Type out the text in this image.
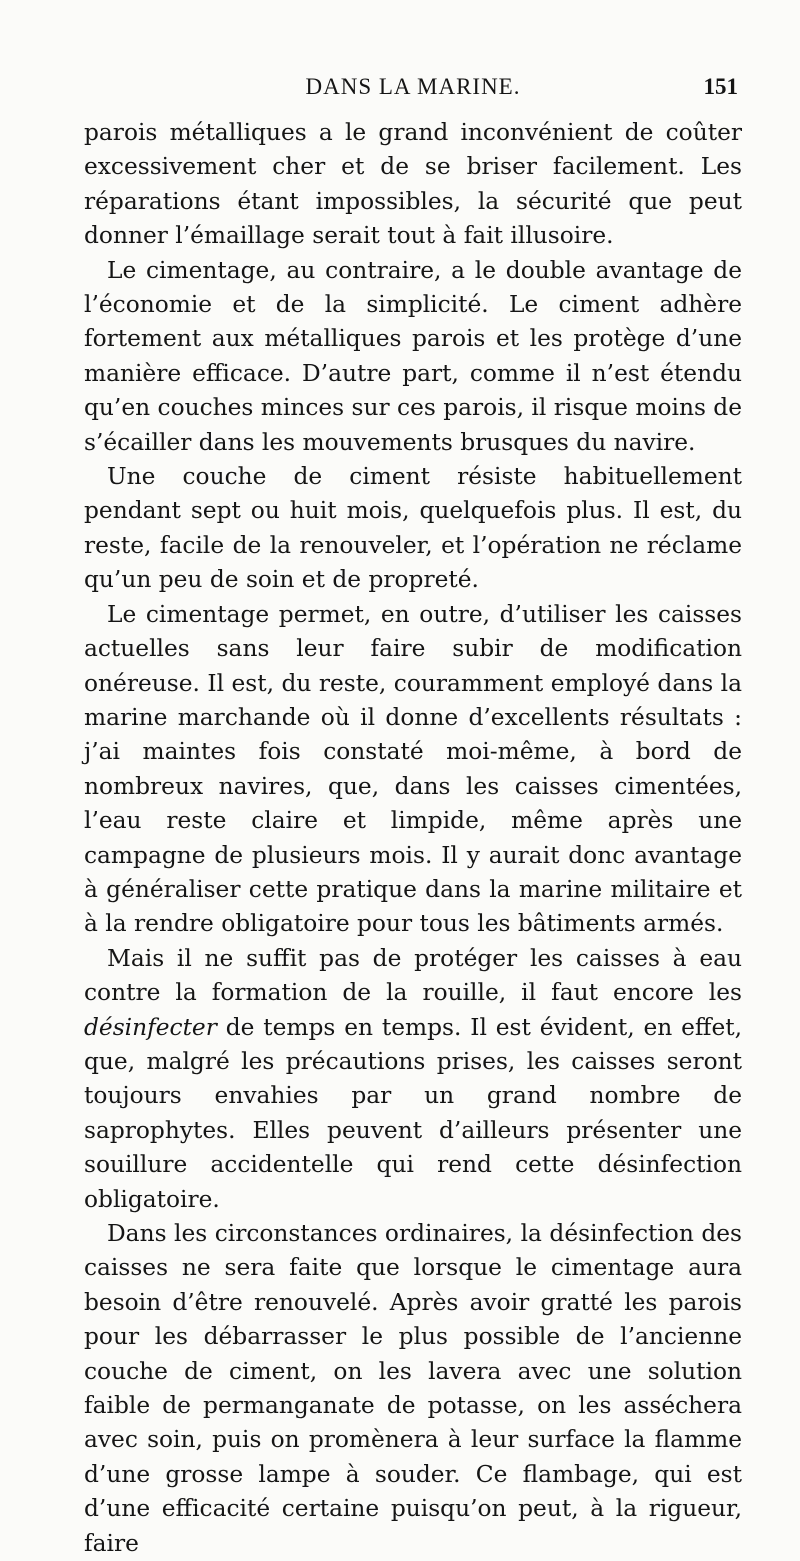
DANS LA MARINE.	151

parois métalliques a le grand inconvénient de coûter excessivement cher et de se briser facilement. Les réparations étant impossibles, la sécurité que peut donner l’émaillage serait tout à fait illusoire.

Le cimentage, au contraire, a le double avantage de l’économie et de la simplicité. Le ciment adhère fortement aux métalliques parois et les protège d’une manière efficace. D’autre part, comme il n’est étendu qu’en couches minces sur ces parois, il risque moins de s’écailler dans les mouvements brusques du navire.

Une couche de ciment résiste habituellement pendant sept ou huit mois, quelquefois plus. Il est, du reste, facile de la renouveler, et l’opération ne réclame qu’un peu de soin et de propreté.

Le cimentage permet, en outre, d’utiliser les caisses actuelles sans leur faire subir de modification onéreuse. Il est, du reste, couramment employé dans la marine marchande où il donne d’excellents résultats : j’ai maintes fois constaté moi-même, à bord de nombreux navires, que, dans les caisses cimentées, l’eau reste claire et limpide, même après une campagne de plusieurs mois. Il y aurait donc avantage à généraliser cette pratique dans la marine militaire et à la rendre obligatoire pour tous les bâtiments armés.

Mais il ne suffit pas de protéger les caisses à eau contre la formation de la rouille, il faut encore les désinfecter de temps en temps. Il est évident, en effet, que, malgré les précautions prises, les caisses seront toujours envahies par un grand nombre de saprophytes. Elles peuvent d’ailleurs présenter une souillure accidentelle qui rend cette désinfection obligatoire.

Dans les circonstances ordinaires, la désinfection des caisses ne sera faite que lorsque le cimentage aura besoin d’être renouvelé. Après avoir gratté les parois pour les débarrasser le plus possible de l’ancienne couche de ciment, on les lavera avec une solution faible de permanganate de potasse, on les asséchera avec soin, puis on promènera à leur surface la flamme d’une grosse lampe à souder. Ce flambage, qui est d’une efficacité certaine puisqu’on peut, à la rigueur, faire
